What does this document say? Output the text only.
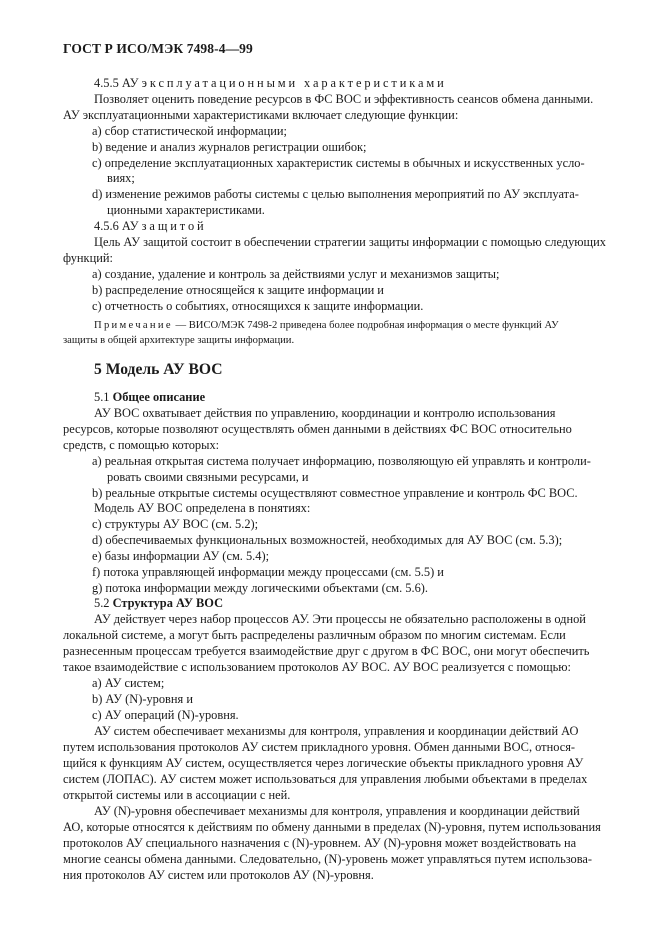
ГОСТ Р ИСО/МЭК 7498-4—99
4.5.5 АУ эксплуатационными характеристиками
Позволяет оценить поведение ресурсов в ФС ВОС и эффективность сеансов обмена данными.
АУ эксплуатационными характеристиками включает следующие функции:
a) сбор статистической информации;
b) ведение и анализ журналов регистрации ошибок;
c) определение эксплуатационных характеристик системы в обычных и искусственных усло-
виях;
d) изменение режимов работы системы с целью выполнения мероприятий по АУ эксплуата-
ционными характеристиками.
4.5.6 АУ защитой
Цель АУ защитой состоит в обеспечении стратегии защиты информации с помощью следующих
функций:
a) создание, удаление и контроль за действиями услуг и механизмов защиты;
b) распределение относящейся к защите информации и
c) отчетность о событиях, относящихся к защите информации.
Примечание — ВИСО/МЭК 7498-2 приведена более подробная информация о месте функций АУ
защиты в общей архитектуре защиты информации.
5 Модель АУ ВОС
5.1 Общее описание
АУ ВОС охватывает действия по управлению, координации и контролю использования
ресурсов, которые позволяют осуществлять обмен данными в действиях ФС ВОС относительно
средств, с помощью которых:
a) реальная открытая система получает информацию, позволяющую ей управлять и контроли-
ровать своими связными ресурсами, и
b) реальные открытые системы осуществляют совместное управление и контроль ФС ВОС.
Модель АУ ВОС определена в понятиях:
c) структуры АУ ВОС (см. 5.2);
d) обеспечиваемых функциональных возможностей, необходимых для АУ ВОС (см. 5.3);
e) базы информации АУ (см. 5.4);
f) потока управляющей информации между процессами (см. 5.5) и
g) потока информации между логическими объектами (см. 5.6).
5.2 Структура АУ ВОС
АУ действует через набор процессов АУ. Эти процессы не обязательно расположены в одной
локальной системе, а могут быть распределены различным образом по многим системам. Если
разнесенным процессам требуется взаимодействие друг с другом в ФС ВОС, они могут обеспечить
такое взаимодействие с использованием протоколов АУ ВОС. АУ ВОС реализуется с помощью:
a) АУ систем;
b) АУ (N)-уровня и
c) АУ операций (N)-уровня.
АУ систем обеспечивает механизмы для контроля, управления и координации действий АО
путем использования протоколов АУ систем прикладного уровня. Обмен данными ВОС, относя-
щийся к функциям АУ систем, осуществляется через логические объекты прикладного уровня АУ
систем (ЛОПАС). АУ систем может использоваться для управления любыми объектами в пределах
открытой системы или в ассоциации с ней.
АУ (N)-уровня обеспечивает механизмы для контроля, управления и координации действий
АО, которые относятся к действиям по обмену данными в пределах (N)-уровня, путем использования
протоколов АУ специального назначения с (N)-уровнем. АУ (N)-уровня может воздействовать на
многие сеансы обмена данными. Следовательно, (N)-уровень может управляться путем использова-
ния протоколов АУ систем или протоколов АУ (N)-уровня.
